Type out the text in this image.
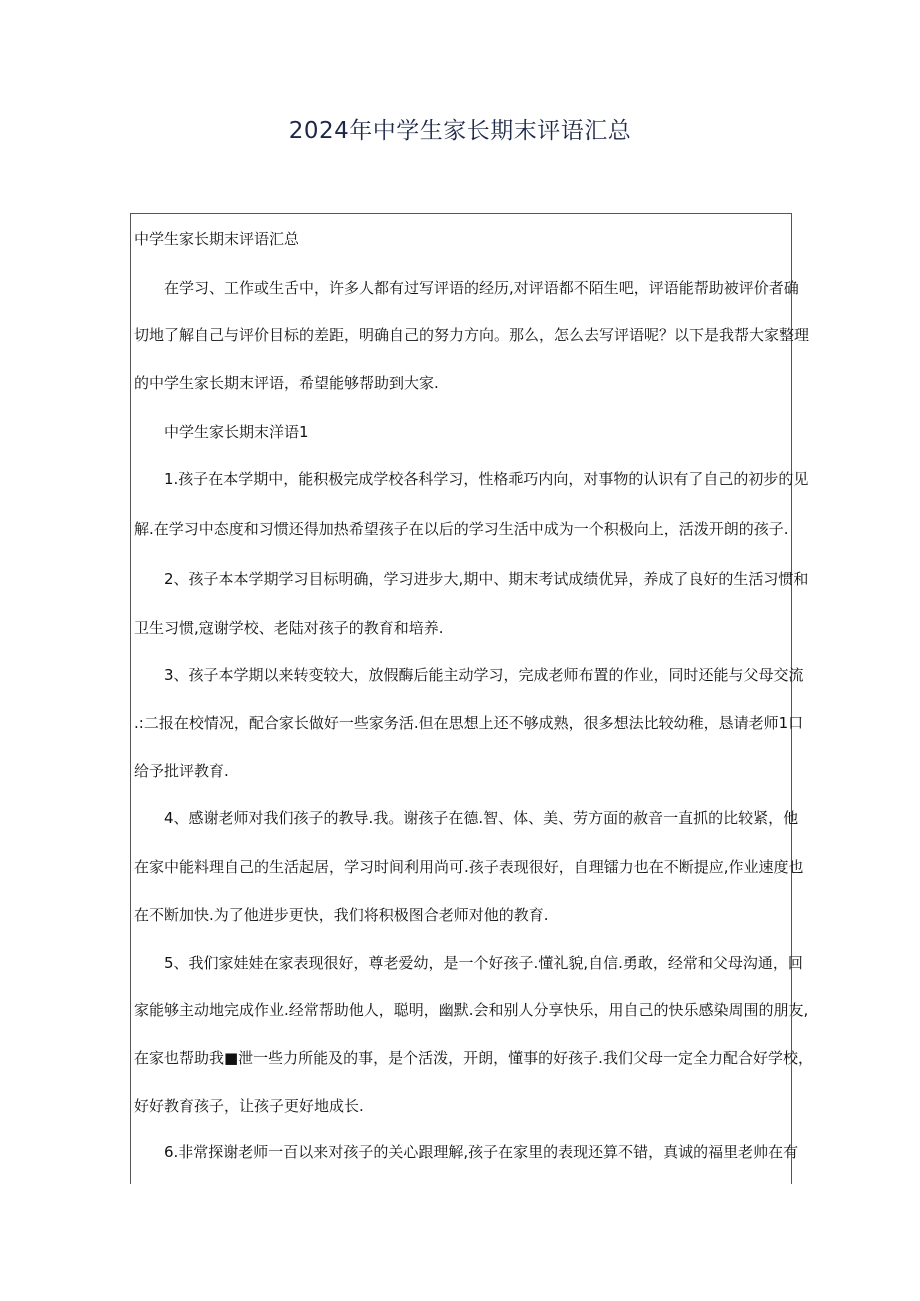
2024年中学生家长期末评语汇总
中学生家长期末评语汇总
在学习、工作或生舌中，许多人都有过写评语的经历,对评语都不陌生吧，评语能帮助被评价者确
切地了解自己与评价目标的差距，明确自己的努力方向。那么，怎么去写评语呢？以下是我帮大家整理
的中学生家长期末评语，希望能够帮助到大家.
中学生家长期末洋语1
1.孩子在本学期中，能积极完成学校各科学习，性格乖巧内向，对事物的认识有了自己的初步的见
解.在学习中态度和习惯还得加热希望孩子在以后的学习生活中成为一个积极向上，活泼开朗的孩子.
2、孩子本本学期学习目标明确，学习进步大,期中、期末考试成绩优异，养成了良好的生活习惯和
卫生习惯,寇谢学校、老陆对孩子的教育和培养.
3、孩子本学期以来转变较大，放假酶后能主动学习，完成老师布置的作业，同时还能与父母交流
.:二报在校情况，配合家长做好一些家务活.但在思想上还不够成熟，很多想法比较幼稚，恳请老师1口
给予批评教育.
4、感谢老师对我们孩子的教导.我。谢孩子在德.智、体、美、劳方面的赦音一直抓的比较紧，他
在家中能料理自己的生活起居，学习时间利用尚可.孩子表现很好，自理镭力也在不断提应,作业速度也
在不断加快.为了他进步更快，我们将积极图合老师对他的教育.
5、我们家娃娃在家表现很好，尊老爱幼，是一个好孩子.懂礼貌,自信.勇敢，经常和父母沟通，回
家能够主动地完成作业.经常帮助他人，聪明，幽默.会和别人分享快乐，用自己的快乐感染周围的朋友,
在家也帮助我■泄一些力所能及的事，是个活泼，开朗，懂事的好孩子.我们父母一定全力配合好学校，
好好教育孩子，让孩子更好地成长.
6.非常探谢老师一百以来对孩子的关心跟理解,孩子在家里的表现还算不错，真诚的福里老帅在有
